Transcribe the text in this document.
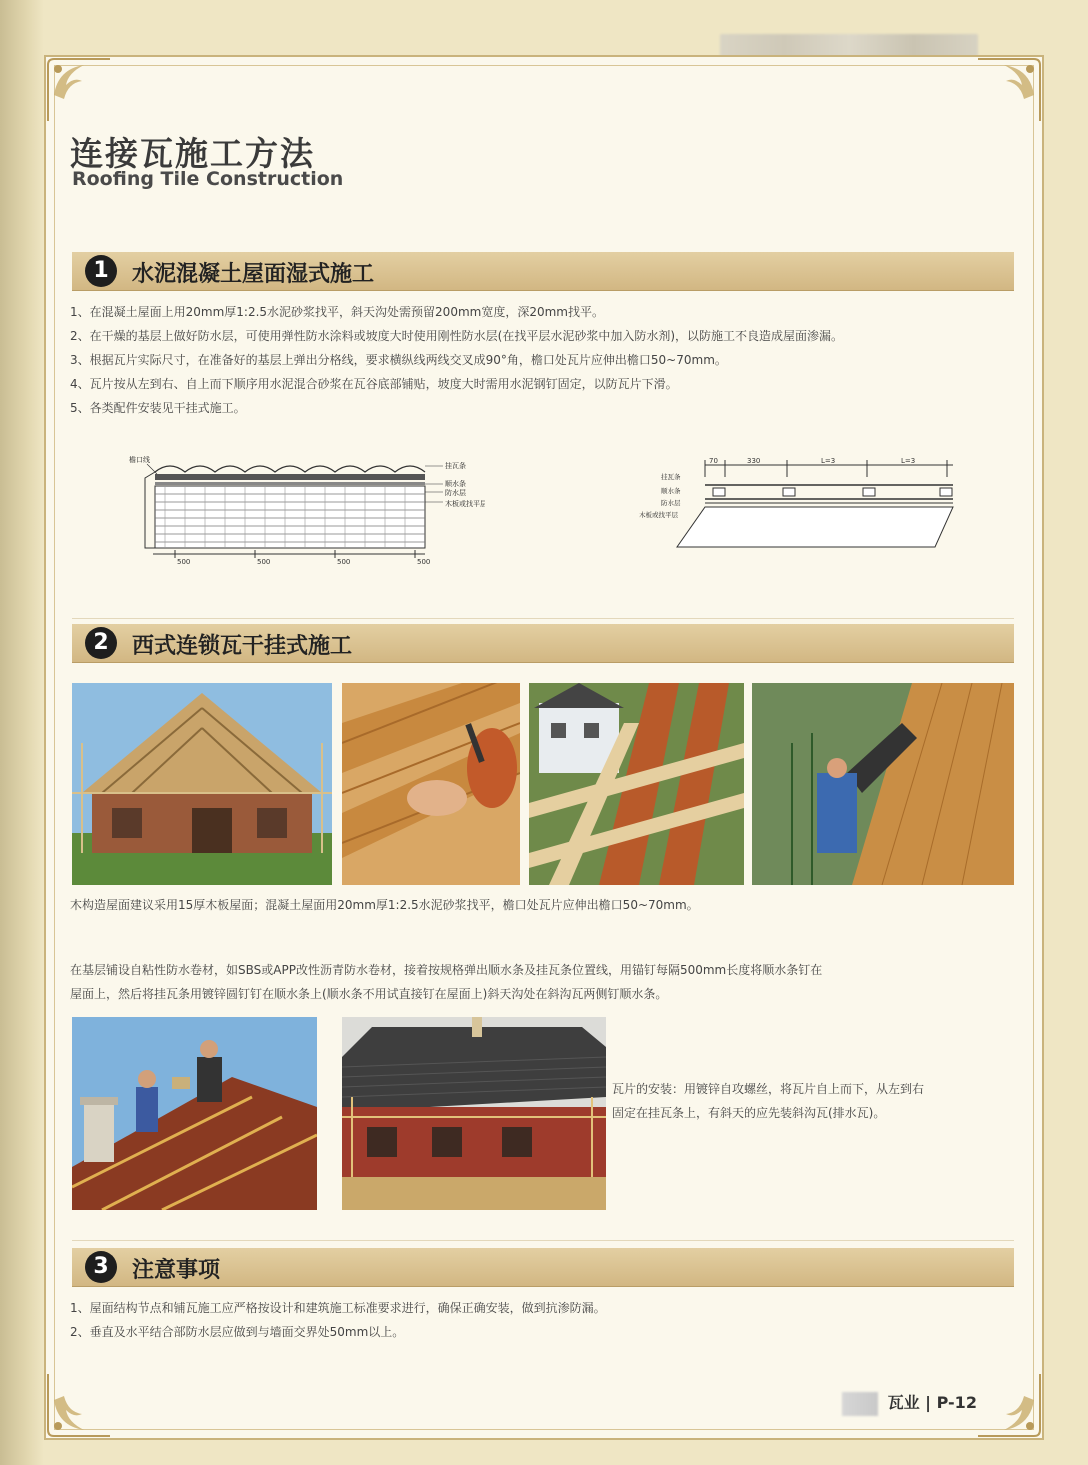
连接瓦施工方法
Roofing Tile Construction
1	水泥混凝土屋面湿式施工

1、在混凝土屋面上用20mm厚1:2.5水泥砂浆找平，斜天沟处需预留200mm宽度，深20mm找平。

2、在干燥的基层上做好防水层，可使用弹性防水涂料或坡度大时使用刚性防水层(在找平层水泥砂浆中加入防水剂)，以防施工不良造成屋面渗漏。

3、根据瓦片实际尺寸，在准备好的基层上弹出分格线，要求横纵线两线交叉成90°角，檐口处瓦片应伸出檐口50~70mm。

4、瓦片按从左到右、自上而下顺序用水泥混合砂浆在瓦谷底部铺贴，坡度大时需用水泥钢钉固定，以防瓦片下滑。

5、各类配件安装见干挂式施工。

500	500	500	500
檐口线
挂瓦条
顺水条
防水层
木板或找平层
70	330	L=3	L=3
挂瓦条
顺水条
防水层
木板或找平层
2	西式连锁瓦干挂式施工
木构造屋面建议采用15厚木板屋面；混凝土屋面用20mm厚1:2.5水泥砂浆找平，檐口处瓦片应伸出檐口50~70mm。

在基层铺设自粘性防水卷材，如SBS或APP改性沥青防水卷材，接着按规格弹出顺水条及挂瓦条位置线，用锚钉每隔500mm长度将顺水条钉在

屋面上，然后将挂瓦条用镀锌圆钉钉在顺水条上(顺水条不用试直接钉在屋面上)斜天沟处在斜沟瓦两侧钉顺水条。

瓦片的安装：用镀锌自攻螺丝，将瓦片自上而下，从左到右

固定在挂瓦条上，有斜天的应先装斜沟瓦(排水瓦)。

3	注意事项

1、屋面结构节点和铺瓦施工应严格按设计和建筑施工标准要求进行，确保正确安装，做到抗渗防漏。

2、垂直及水平结合部防水层应做到与墙面交界处50mm以上。

瓦业 | P-12
